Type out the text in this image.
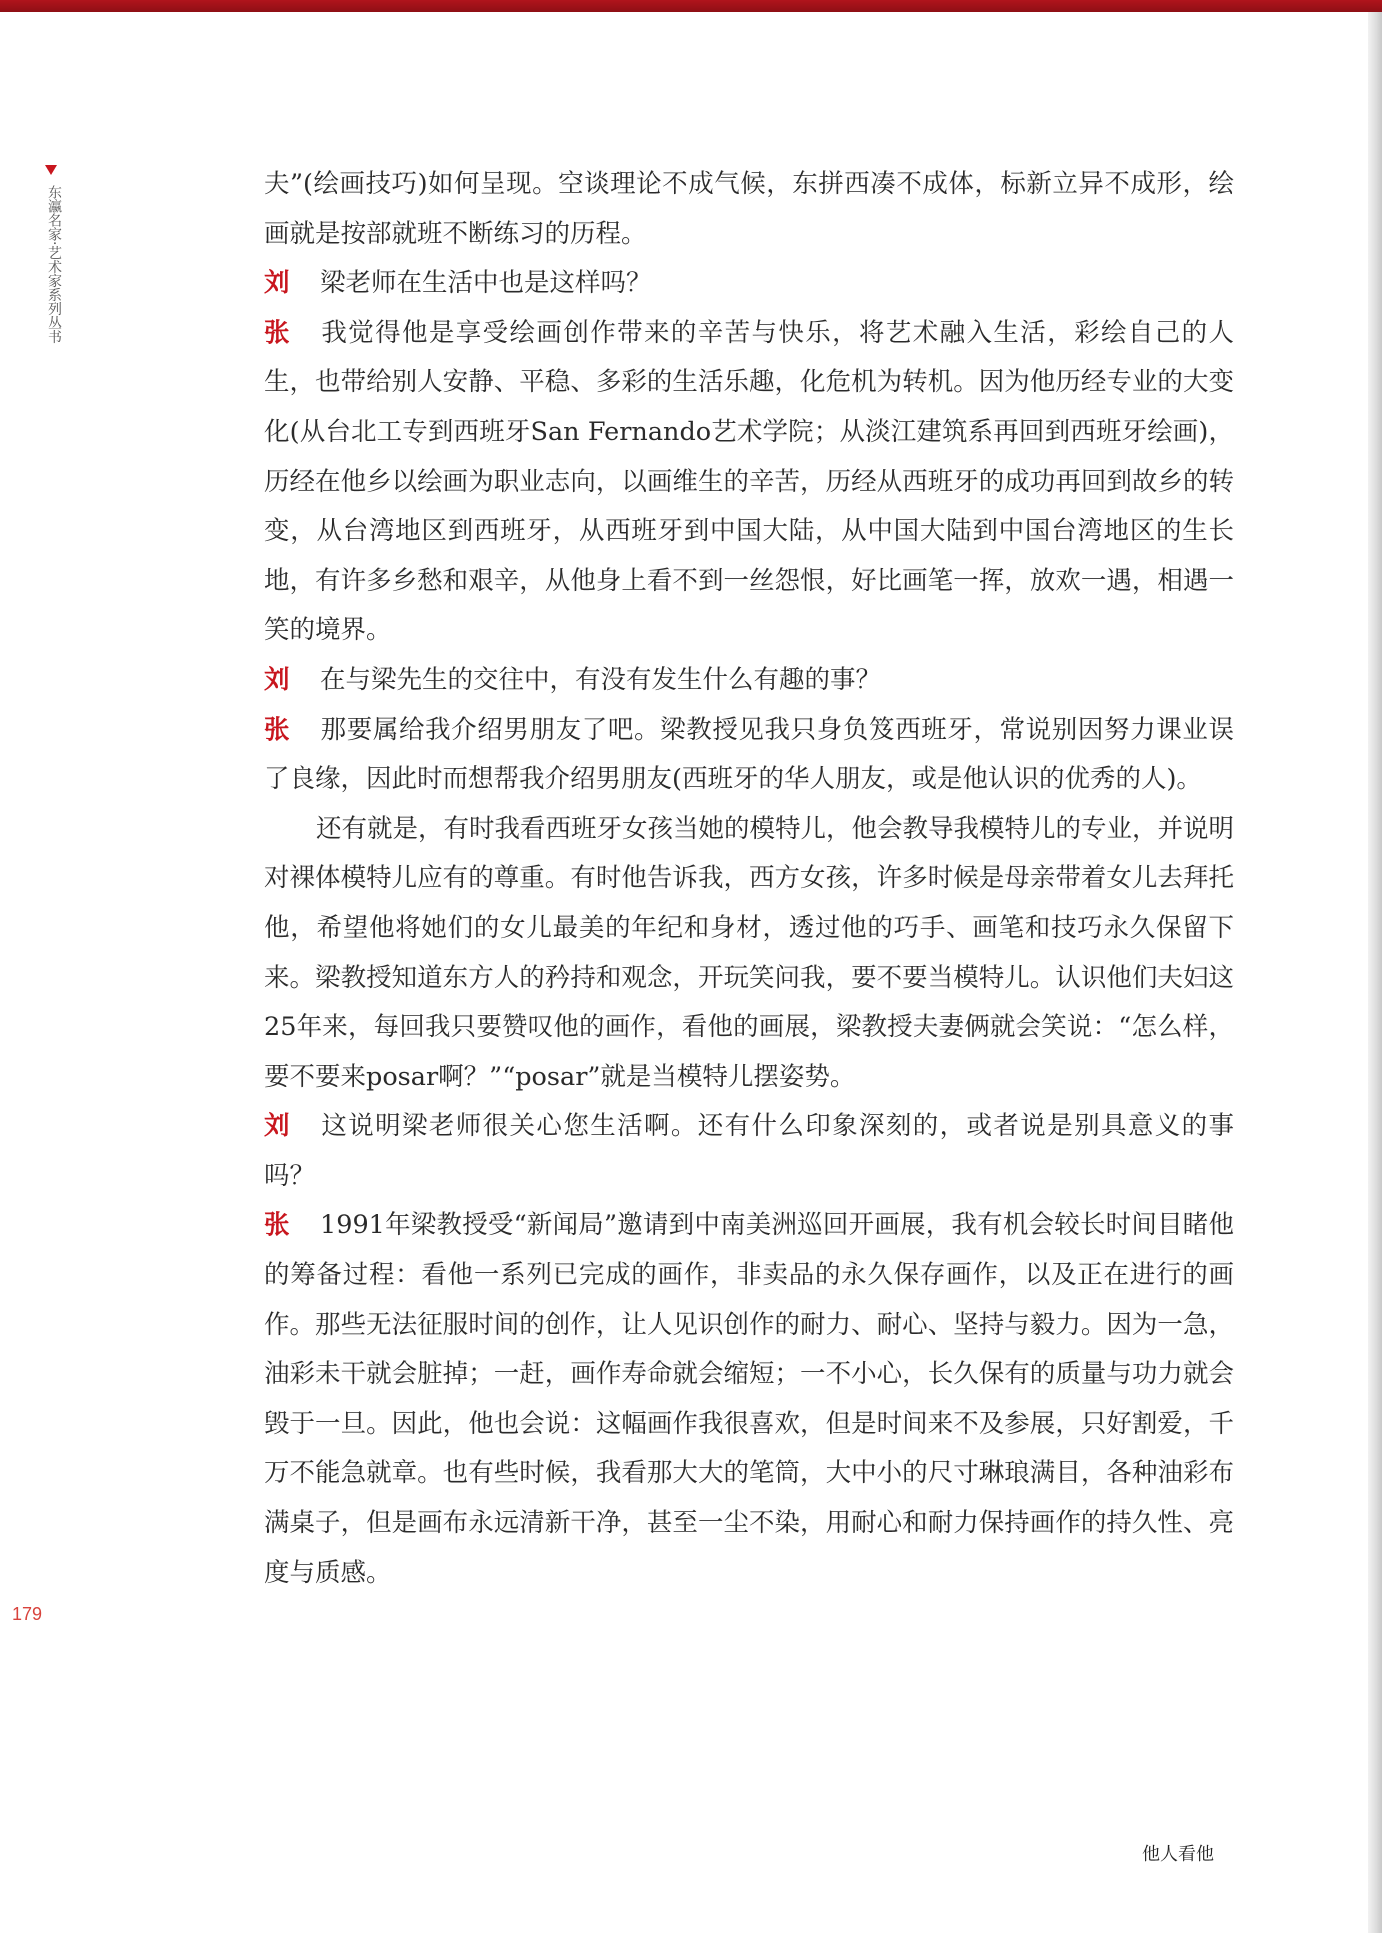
东瀛名家·艺术家系列丛书

夫”(绘画技巧)如何呈现。空谈理论不成气候，东拼西凑不成体，标新立异不成形，绘画就是按部就班不断练习的历程。

刘 梁老师在生活中也是这样吗？

张 我觉得他是享受绘画创作带来的辛苦与快乐，将艺术融入生活，彩绘自己的人生，也带给别人安静、平稳、多彩的生活乐趣，化危机为转机。因为他历经专业的大变化(从台北工专到西班牙San Fernando艺术学院；从淡江建筑系再回到西班牙绘画)，历经在他乡以绘画为职业志向，以画维生的辛苦，历经从西班牙的成功再回到故乡的转变，从台湾地区到西班牙，从西班牙到中国大陆，从中国大陆到中国台湾地区的生长地，有许多乡愁和艰辛，从他身上看不到一丝怨恨，好比画笔一挥，放欢一遇，相遇一笑的境界。

刘 在与梁先生的交往中，有没有发生什么有趣的事？

张 那要属给我介绍男朋友了吧。梁教授见我只身负笈西班牙，常说别因努力课业误了良缘，因此时而想帮我介绍男朋友(西班牙的华人朋友，或是他认识的优秀的人)。

还有就是，有时我看西班牙女孩当她的模特儿，他会教导我模特儿的专业，并说明对裸体模特儿应有的尊重。有时他告诉我，西方女孩，许多时候是母亲带着女儿去拜托他，希望他将她们的女儿最美的年纪和身材，透过他的巧手、画笔和技巧永久保留下来。梁教授知道东方人的矜持和观念，开玩笑问我，要不要当模特儿。认识他们夫妇这25年来，每回我只要赞叹他的画作，看他的画展，梁教授夫妻俩就会笑说：“怎么样，要不要来posar啊？”“posar”就是当模特儿摆姿势。

刘 这说明梁老师很关心您生活啊。还有什么印象深刻的，或者说是别具意义的事吗？

张 1991年梁教授受“新闻局”邀请到中南美洲巡回开画展，我有机会较长时间目睹他的筹备过程：看他一系列已完成的画作，非卖品的永久保存画作，以及正在进行的画作。那些无法征服时间的创作，让人见识创作的耐力、耐心、坚持与毅力。因为一急，油彩未干就会脏掉；一赶，画作寿命就会缩短；一不小心，长久保有的质量与功力就会毁于一旦。因此，他也会说：这幅画作我很喜欢，但是时间来不及参展，只好割爱，千万不能急就章。也有些时候，我看那大大的笔筒，大中小的尺寸琳琅满目，各种油彩布满桌子，但是画布永远清新干净，甚至一尘不染，用耐心和耐力保持画作的持久性、亮度与质感。

179
他人看他
